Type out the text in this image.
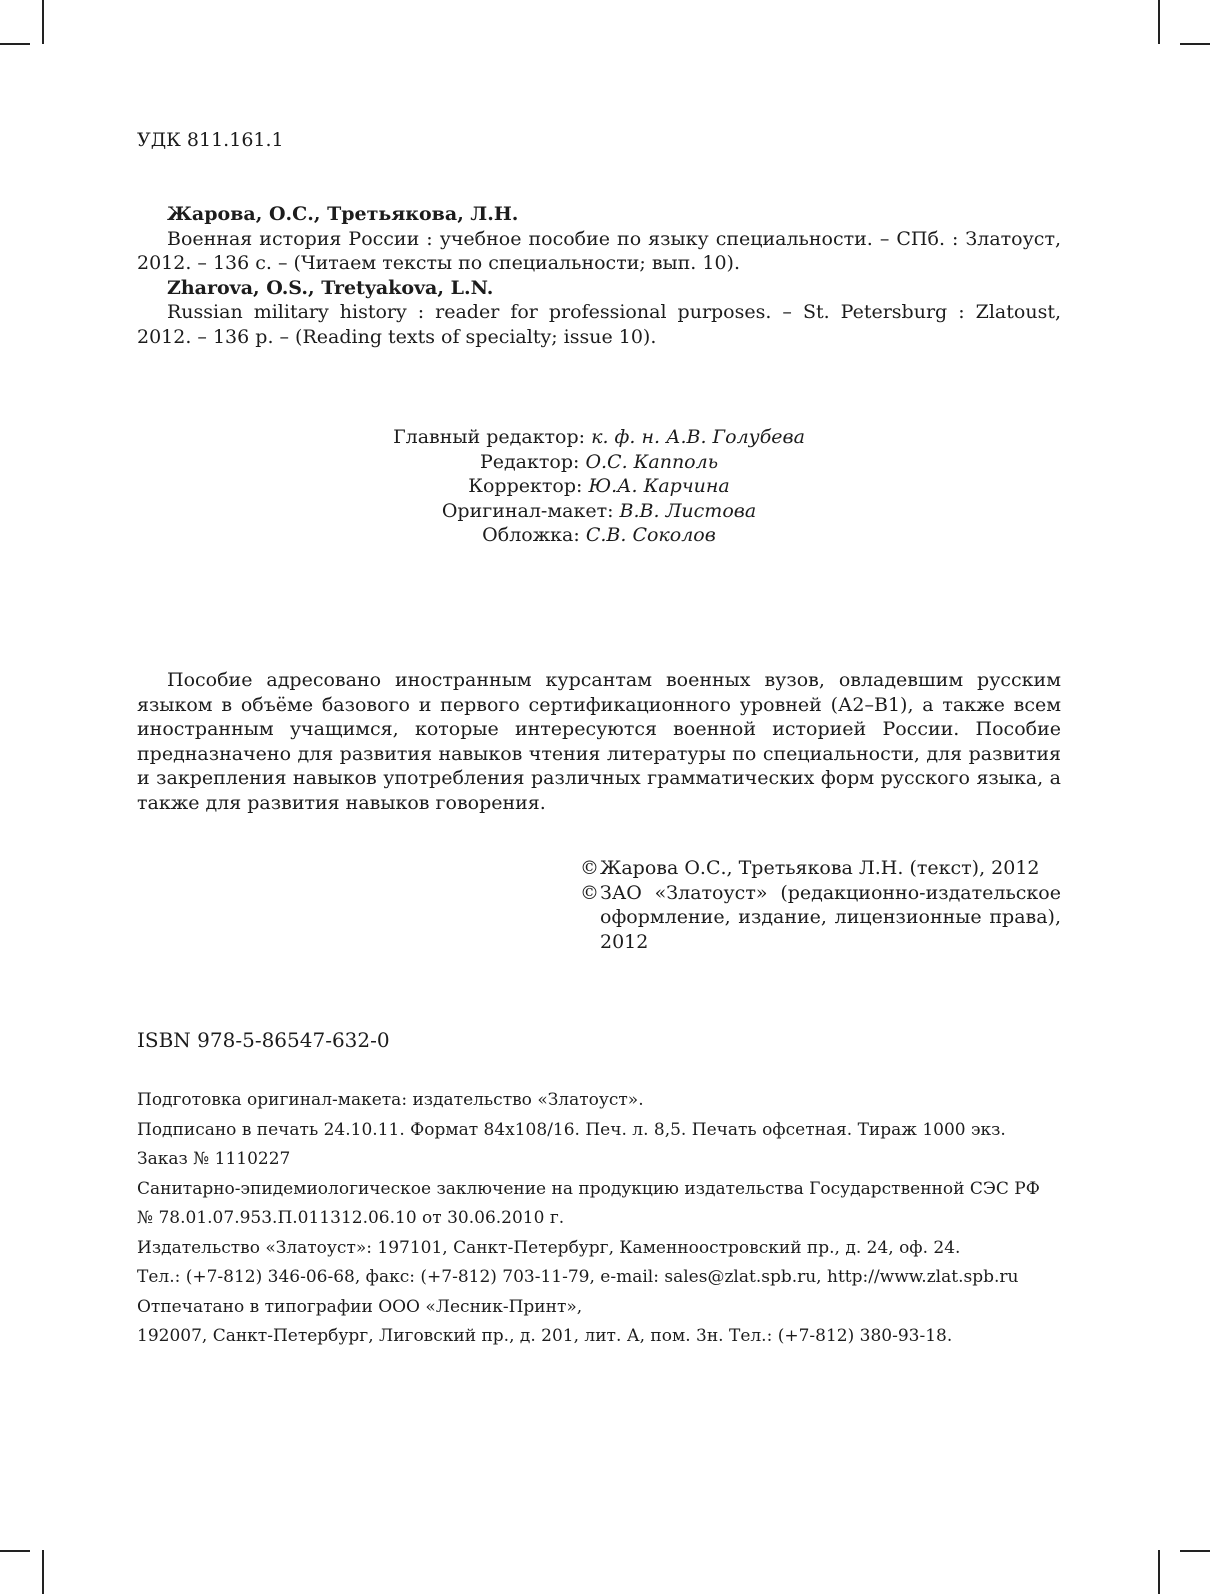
УДК 811.161.1
Жарова, О.С., Третьякова, Л.Н.
Военная история России : учебное пособие по языку специальности. – СПб. : Златоуст, 2012. – 136 с. – (Читаем тексты по специальности; вып. 10).
Zharova, O.S., Tretyakova, L.N.
Russian military history : reader for professional purposes. – St. Petersburg : Zlatoust, 2012. – 136 p. – (Reading texts of specialty; issue 10).
Главный редактор: к. ф. н. А.В. Голубева
Редактор: О.С. Капполь
Корректор: Ю.А. Карчина
Оригинал-макет: В.В. Листова
Обложка: С.В. Соколов
Пособие адресовано иностранным курсантам военных вузов, овладевшим русским языком в объёме базового и первого сертификационного уровней (А2–В1), а также всем иностранным учащимся, которые интересуются военной историей России. Пособие предназначено для развития навыков чтения литературы по специальности, для развития и закрепления навыков употребления различных грамматических форм русского языка, а также для развития навыков говорения.
© Жарова О.С., Третьякова Л.Н. (текст), 2012
© ЗАО «Златоуст» (редакционно-издательское оформление, издание, лицензионные права), 2012
ISBN 978-5-86547-632-0
Подготовка оригинал-макета: издательство «Златоуст».
Подписано в печать 24.10.11. Формат 84х108/16. Печ. л. 8,5. Печать офсетная. Тираж 1000 экз.
Заказ № 1110227
Санитарно-эпидемиологическое заключение на продукцию издательства Государственной СЭС РФ
№ 78.01.07.953.П.011312.06.10 от 30.06.2010 г.
Издательство «Златоуст»: 197101, Санкт-Петербург, Каменноостровский пр., д. 24, оф. 24.
Тел.: (+7-812) 346-06-68, факс: (+7-812) 703-11-79, e-mail: sales@zlat.spb.ru, http://www.zlat.spb.ru
Отпечатано в типографии ООО «Лесник-Принт»,
192007, Санкт-Петербург, Лиговский пр., д. 201, лит. А, пом. 3н. Тел.: (+7-812) 380-93-18.
